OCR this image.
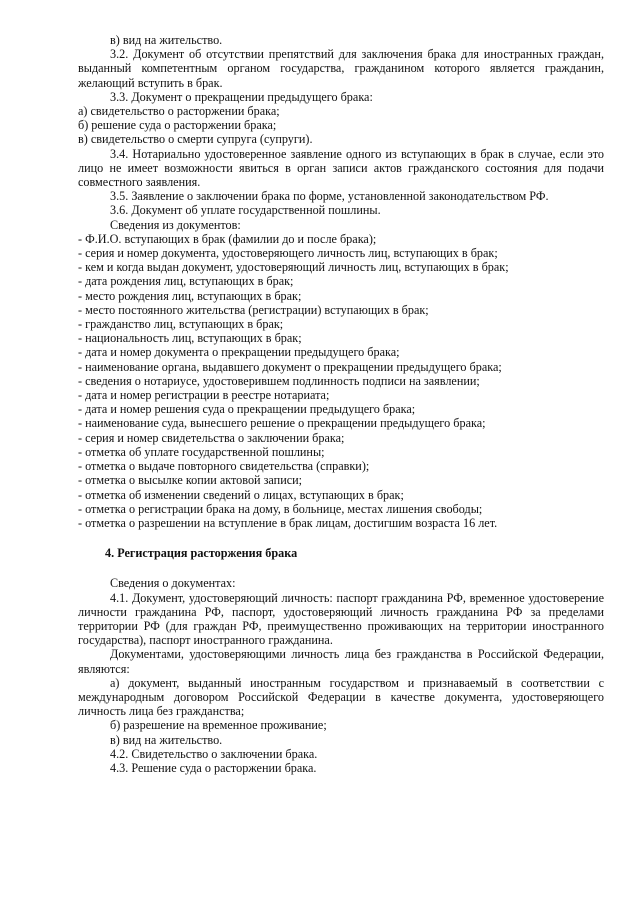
в) вид на жительство.

3.2. Документ об отсутствии препятствий для заключения брака для иностранных граждан, выданный компетентным органом государства, гражданином которого является гражданин, желающий вступить в брак.

3.3. Документ о прекращении предыдущего брака:

а) свидетельство о расторжении брака;

б) решение суда о расторжении брака;

в) свидетельство о смерти супруга (супруги).

3.4. Нотариально удостоверенное заявление одного из вступающих в брак в случае, если это лицо не имеет возможности явиться в орган записи актов гражданского состояния для подачи совместного заявления.

3.5. Заявление о заключении брака по форме, установленной законодательством РФ.

3.6. Документ об уплате государственной пошлины.

Сведения из документов:

- Ф.И.О. вступающих в брак (фамилии до и после брака);

- серия и номер документа, удостоверяющего личность лиц, вступающих в брак;

- кем и когда выдан документ, удостоверяющий личность лиц, вступающих в брак;

- дата рождения лиц, вступающих в брак;

- место рождения лиц, вступающих в брак;

- место постоянного жительства (регистрации) вступающих в брак;

- гражданство лиц, вступающих в брак;

- национальность лиц, вступающих в брак;

- дата и номер документа о прекращении предыдущего брака;

- наименование органа, выдавшего документ о прекращении предыдущего брака;

- сведения о нотариусе, удостоверившем подлинность подписи на заявлении;

- дата и номер регистрации в реестре нотариата;

- дата и номер решения суда о прекращении предыдущего брака;

- наименование суда, вынесшего решение о прекращении предыдущего брака;

- серия и номер свидетельства о заключении брака;

- отметка об уплате государственной пошлины;

- отметка о выдаче повторного свидетельства (справки);

- отметка о высылке копии актовой записи;

- отметка об изменении сведений о лицах, вступающих в брак;

- отметка о регистрации брака на дому, в больнице, местах лишения свободы;

- отметка о разрешении на вступление в брак лицам, достигшим возраста 16 лет.

4. Регистрация расторжения брака

Сведения о документах:

4.1. Документ, удостоверяющий личность: паспорт гражданина РФ, временное удостоверение личности гражданина РФ, паспорт, удостоверяющий личность гражданина РФ за пределами территории РФ (для граждан РФ, преимущественно проживающих на территории иностранного государства), паспорт иностранного гражданина.

Документами, удостоверяющими личность лица без гражданства в Российской Федерации, являются:

а) документ, выданный иностранным государством и признаваемый в соответствии с международным договором Российской Федерации в качестве документа, удостоверяющего личность лица без гражданства;

б) разрешение на временное проживание;

в) вид на жительство.

4.2. Свидетельство о заключении брака.

4.3. Решение суда о расторжении брака.
